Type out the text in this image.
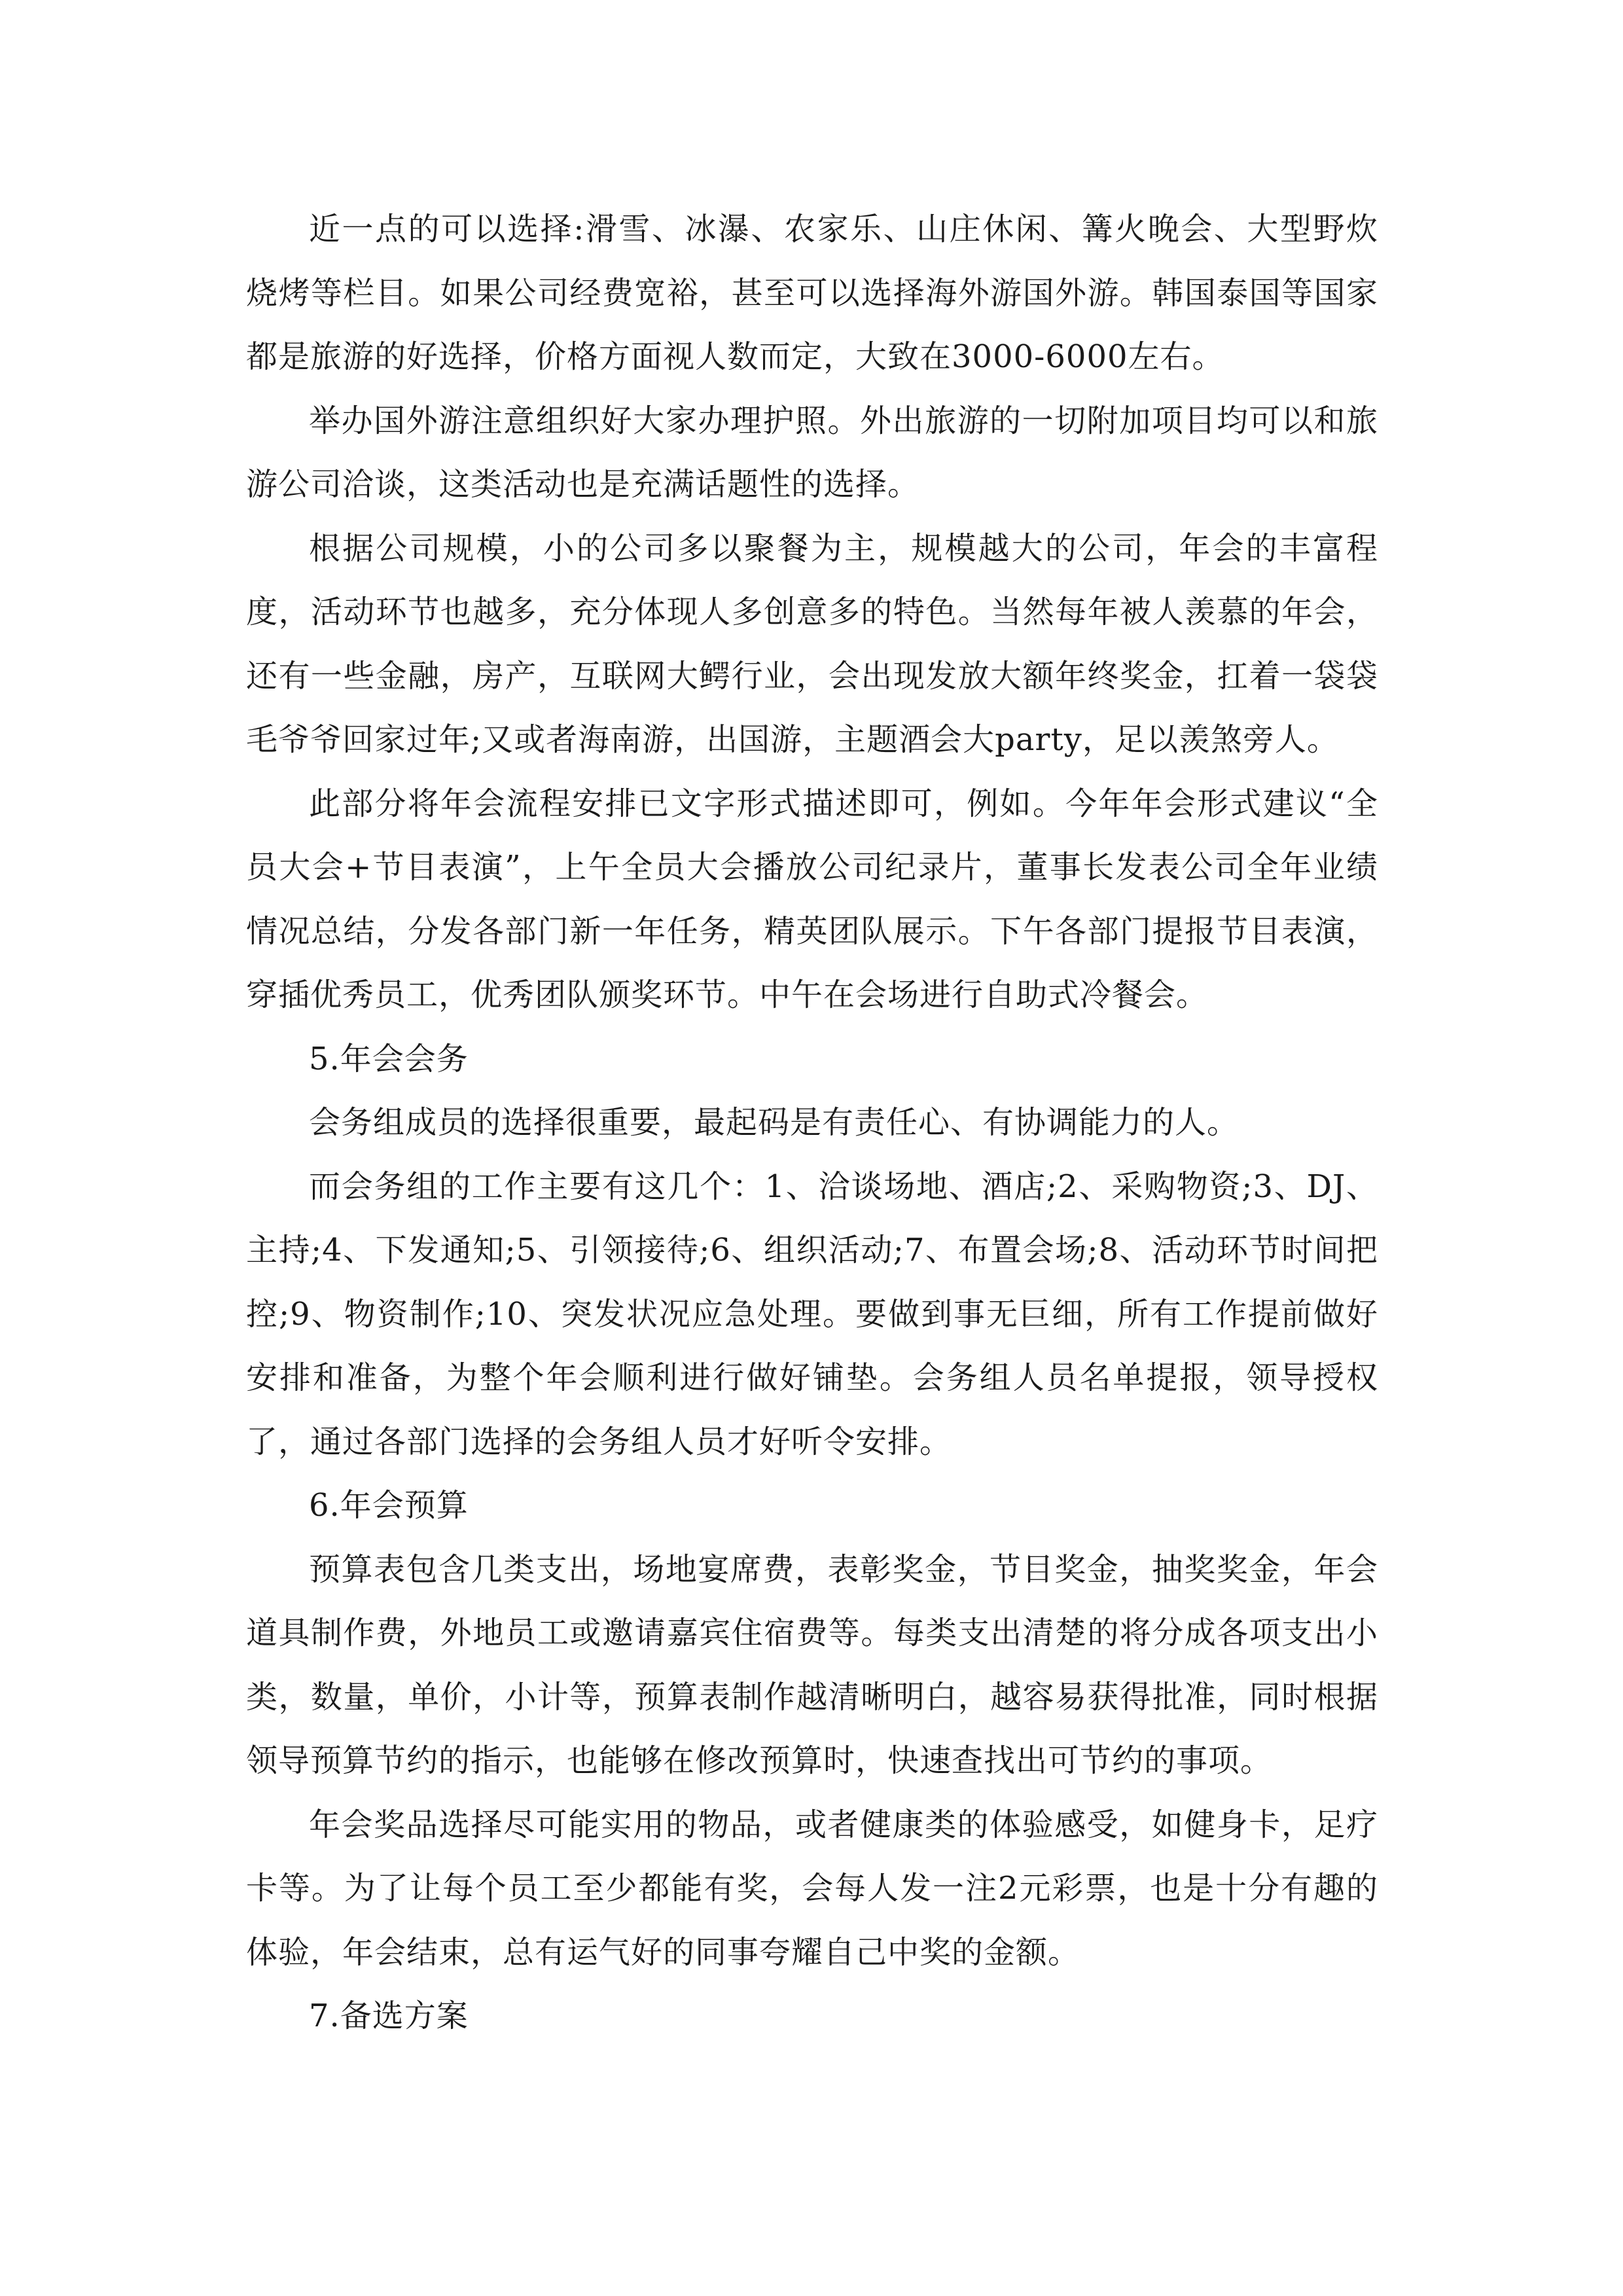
近一点的可以选择:滑雪、冰瀑、农家乐、山庄休闲、篝火晚会、大型野炊烧烤等栏目。如果公司经费宽裕，甚至可以选择海外游国外游。韩国泰国等国家都是旅游的好选择，价格方面视人数而定，大致在3000-6000左右。

举办国外游注意组织好大家办理护照。外出旅游的一切附加项目均可以和旅游公司洽谈，这类活动也是充满话题性的选择。

根据公司规模，小的公司多以聚餐为主，规模越大的公司，年会的丰富程度，活动环节也越多，充分体现人多创意多的特色。当然每年被人羡慕的年会，还有一些金融，房产，互联网大鳄行业，会出现发放大额年终奖金，扛着一袋袋毛爷爷回家过年;又或者海南游，出国游，主题酒会大party，足以羡煞旁人。

此部分将年会流程安排已文字形式描述即可，例如。今年年会形式建议“全员大会+节目表演”，上午全员大会播放公司纪录片，董事长发表公司全年业绩情况总结，分发各部门新一年任务，精英团队展示。下午各部门提报节目表演，穿插优秀员工，优秀团队颁奖环节。中午在会场进行自助式冷餐会。

5.年会会务

会务组成员的选择很重要，最起码是有责任心、有协调能力的人。

而会务组的工作主要有这几个：1、洽谈场地、酒店;2、采购物资;3、DJ、主持;4、下发通知;5、引领接待;6、组织活动;7、布置会场;8、活动环节时间把控;9、物资制作;10、突发状况应急处理。要做到事无巨细，所有工作提前做好安排和准备，为整个年会顺利进行做好铺垫。会务组人员名单提报，领导授权了，通过各部门选择的会务组人员才好听令安排。

6.年会预算

预算表包含几类支出，场地宴席费，表彰奖金，节目奖金，抽奖奖金，年会道具制作费，外地员工或邀请嘉宾住宿费等。每类支出清楚的将分成各项支出小类，数量，单价，小计等，预算表制作越清晰明白，越容易获得批准，同时根据领导预算节约的指示，也能够在修改预算时，快速查找出可节约的事项。

年会奖品选择尽可能实用的物品，或者健康类的体验感受，如健身卡，足疗卡等。为了让每个员工至少都能有奖，会每人发一注2元彩票，也是十分有趣的体验，年会结束，总有运气好的同事夸耀自己中奖的金额。

7.备选方案
